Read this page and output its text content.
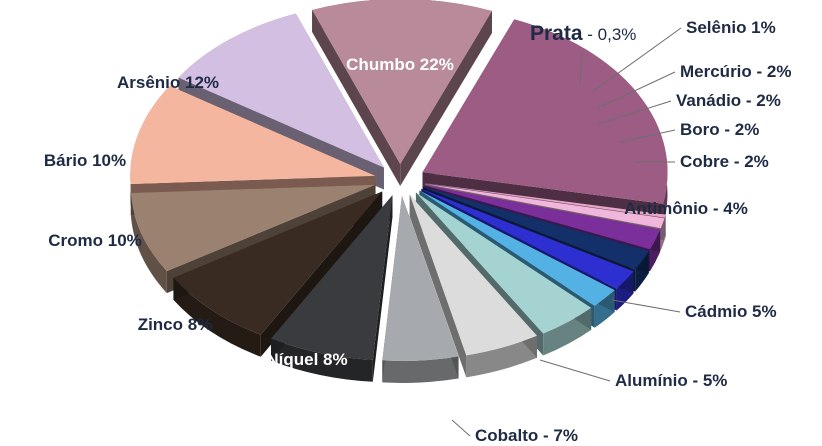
Chumbo 22%
Prata - 0,3%	Selênio 1%
Mercúrio - 2%
Vanádio - 2%
Boro - 2%
Cobre - 2%
Antimônio - 4%
Cádmio 5%
Alumínio - 5%
Cobalto - 7%
Níquel 8%
Zinco 8%
Cromo 10%
Bário 10%
Arsênio 12%
